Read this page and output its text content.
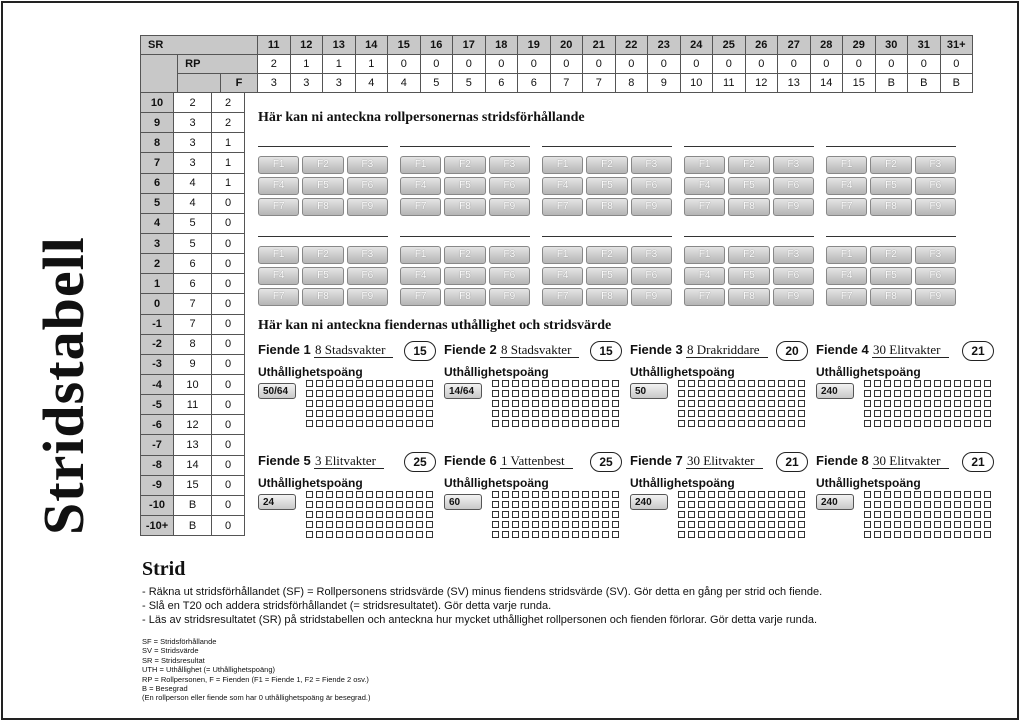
Stridstabell
SR			11	12	13	14	15	16	17	18	19	20	21	22	23	24	25	26	27	28	29	30	31	31+
	RP		2	1	1	1	0	0	0	0	0	0	0	0	0	0	0	0	0	0	0	0	0	0
		F	3	3	3	4	4	5	5	6	6	7	7	8	9	10	11	12	13	14	15	B	B	B
10	2	2
9	3	2
8	3	1
7	3	1
6	4	1
5	4	0
4	5	0
3	5	0
2	6	0
1	6	0
0	7	0
-1	7	0
-2	8	0
-3	9	0
-4	10	0
-5	11	0
-6	12	0
-7	13	0
-8	14	0
-9	15	0
-10	B	0
-10+	B	0
Här kan ni anteckna rollpersonernas stridsförhållande
F1	F2	F3
F4	F5	F6
F7	F8	F9
F1	F2	F3
F4	F5	F6
F7	F8	F9
F1	F2	F3
F4	F5	F6
F7	F8	F9
F1	F2	F3
F4	F5	F6
F7	F8	F9
F1	F2	F3
F4	F5	F6
F7	F8	F9
F1	F2	F3
F4	F5	F6
F7	F8	F9
F1	F2	F3
F4	F5	F6
F7	F8	F9
F1	F2	F3
F4	F5	F6
F7	F8	F9
F1	F2	F3
F4	F5	F6
F7	F8	F9
F1	F2	F3
F4	F5	F6
F7	F8	F9
Här kan ni anteckna fiendernas uthållighet och stridsvärde
Fiende 1 8 Stadsvakter	15
Uthållighetspoäng
50/64
Fiende 2 8 Stadsvakter	15
Uthållighetspoäng
14/64
Fiende 3 8 Drakriddare	20
Uthållighetspoäng
50
Fiende 4 30 Elitvakter	21
Uthållighetspoäng
240
Fiende 5 3 Elitvakter	25
Uthållighetspoäng
24
Fiende 6 1 Vattenbest	25
Uthållighetspoäng
60
Fiende 7 30 Elitvakter	21
Uthållighetspoäng
240
Fiende 8 30 Elitvakter	21
Uthållighetspoäng
240
Strid

- Räkna ut stridsförhållandet (SF) = Rollpersonens stridsvärde (SV) minus fiendens stridsvärde (SV). Gör detta en gång per strid och fiende.

- Slå en T20 och addera stridsförhållandet (= stridsresultatet). Gör detta varje runda.

- Läs av stridsresultatet (SR) på stridstabellen och anteckna hur mycket uthållighet rollpersonen och fienden förlorar. Gör detta varje runda.

SF = Stridsförhållande

SV = Stridsvärde

SR = Stridsresultat

UTH = Uthållighet (= Uthållighetspoäng)

RP = Rollpersonen, F = Fienden (F1 = Fiende 1, F2 = Fiende 2 osv.)

B = Besegrad

(En rollperson eller fiende som har 0 uthållighetspoäng är besegrad.)
